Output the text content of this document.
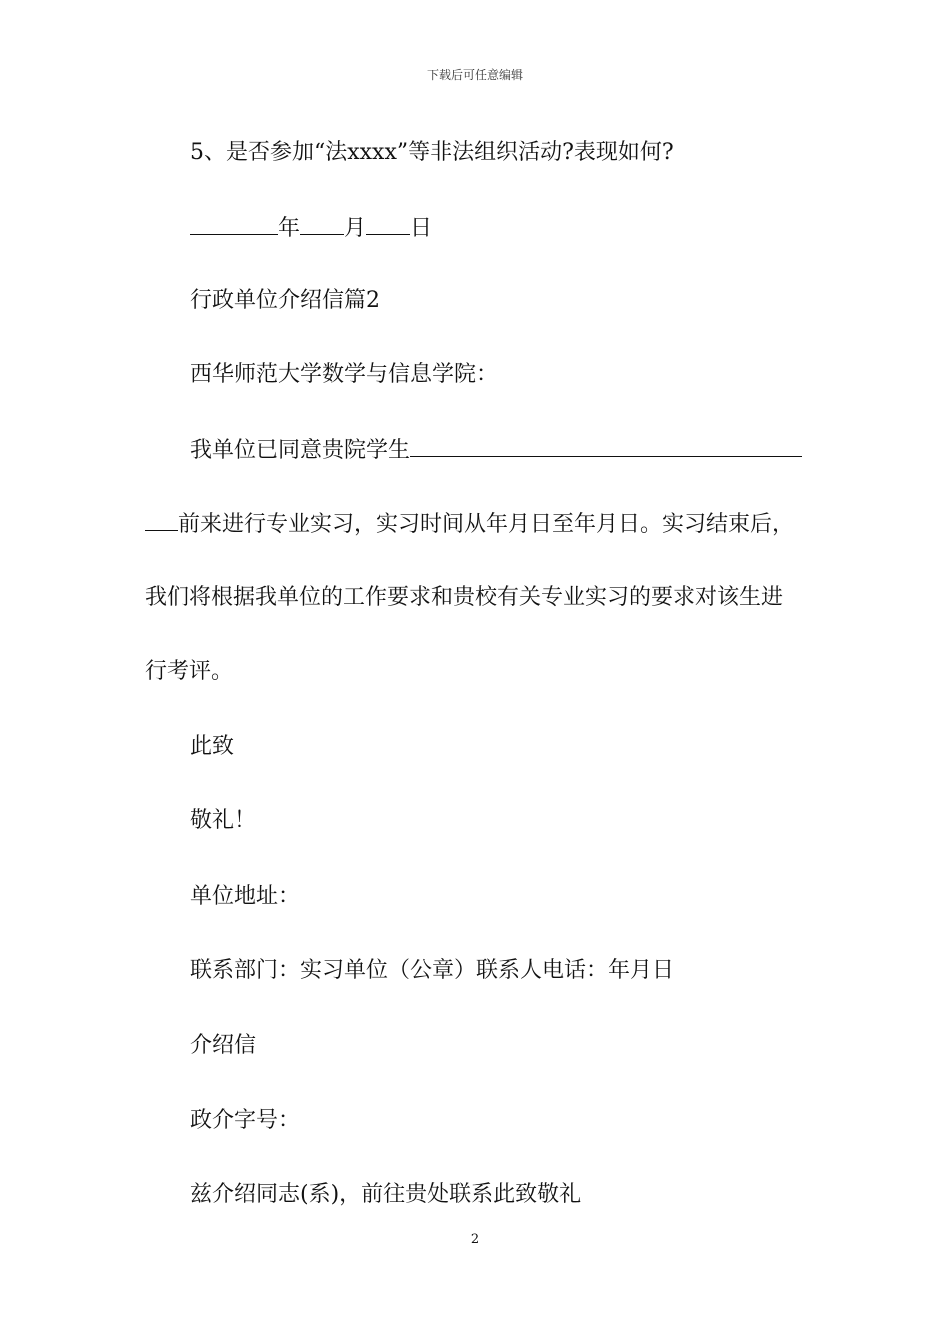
下载后可任意编辑
5、是否参加“法xxxx”等非法组织活动?表现如何?
年 月 日
行政单位介绍信篇2
西华师范大学数学与信息学院：
我单位已同意贵院学生
前来进行专业实习，实习时间从年月日至年月日。实习结束后，
我们将根据我单位的工作要求和贵校有关专业实习的要求对该生进
行考评。
此致
敬礼！
单位地址：
联系部门：实习单位（公章）联系人电话：年月日
介绍信
政介字号：
兹介绍同志(系)，前往贵处联系此致敬礼
2
